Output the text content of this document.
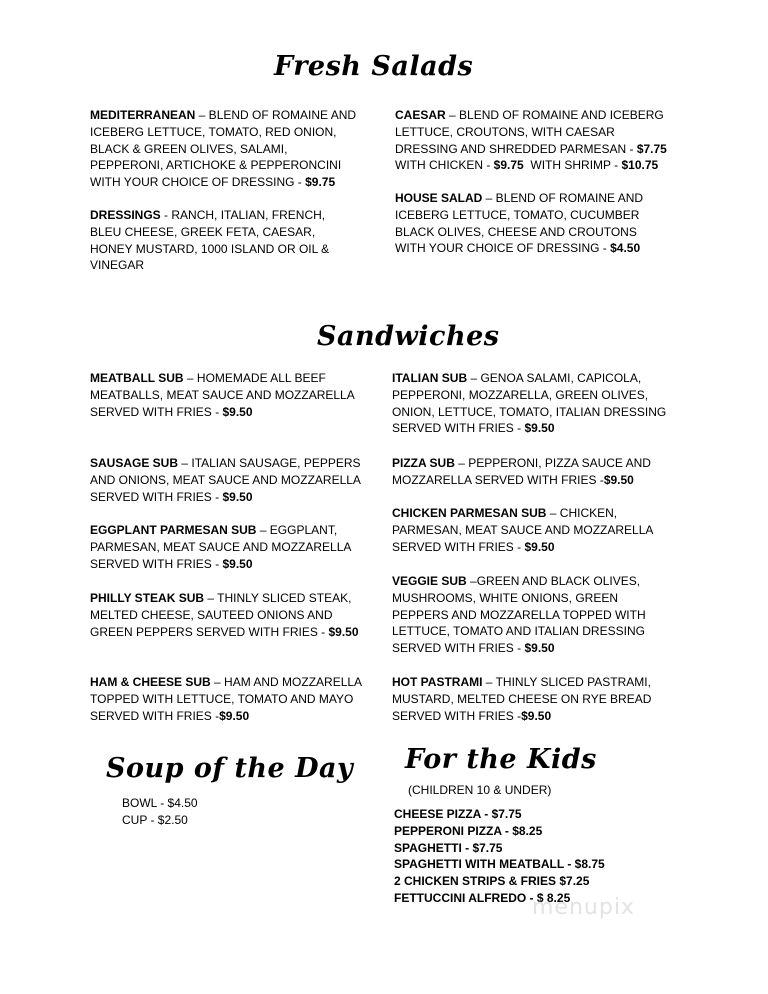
Fresh Salads

MEDITERRANEAN – BLEND OF ROMAINE AND ICEBERG LETTUCE, TOMATO, RED ONION, BLACK & GREEN OLIVES, SALAMI, PEPPERONI, ARTICHOKE & PEPPERONCINI WITH YOUR CHOICE OF DRESSING - $9.75

DRESSINGS - RANCH, ITALIAN, FRENCH, BLEU CHEESE, GREEK FETA, CAESAR, HONEY MUSTARD, 1000 ISLAND OR OIL & VINEGAR

CAESAR – BLEND OF ROMAINE AND ICEBERG LETTUCE, CROUTONS, WITH CAESAR DRESSING AND SHREDDED PARMESAN - $7.75
WITH CHICKEN - $9.75  WITH SHRIMP - $10.75

HOUSE SALAD – BLEND OF ROMAINE AND ICEBERG LETTUCE, TOMATO, CUCUMBER BLACK OLIVES, CHEESE AND CROUTONS WITH YOUR CHOICE OF DRESSING - $4.50

Sandwiches

MEATBALL SUB – HOMEMADE ALL BEEF MEATBALLS, MEAT SAUCE AND MOZZARELLA SERVED WITH FRIES - $9.50

SAUSAGE SUB – ITALIAN SAUSAGE, PEPPERS AND ONIONS, MEAT SAUCE AND MOZZARELLA SERVED WITH FRIES - $9.50

EGGPLANT PARMESAN SUB – EGGPLANT, PARMESAN, MEAT SAUCE AND MOZZARELLA SERVED WITH FRIES - $9.50

PHILLY STEAK SUB – THINLY SLICED STEAK, MELTED CHEESE, SAUTEED ONIONS AND GREEN PEPPERS SERVED WITH FRIES - $9.50

HAM & CHEESE SUB – HAM AND MOZZARELLA TOPPED WITH LETTUCE, TOMATO AND MAYO SERVED WITH FRIES -$9.50

ITALIAN SUB – GENOA SALAMI, CAPICOLA, PEPPERONI, MOZZARELLA, GREEN OLIVES, ONION, LETTUCE, TOMATO, ITALIAN DRESSING SERVED WITH FRIES - $9.50

PIZZA SUB – PEPPERONI, PIZZA SAUCE AND MOZZARELLA SERVED WITH FRIES -$9.50

CHICKEN PARMESAN SUB – CHICKEN, PARMESAN, MEAT SAUCE AND MOZZARELLA SERVED WITH FRIES - $9.50

VEGGIE SUB –GREEN AND BLACK OLIVES, MUSHROOMS, WHITE ONIONS, GREEN PEPPERS AND MOZZARELLA TOPPED WITH LETTUCE, TOMATO AND ITALIAN DRESSING SERVED WITH FRIES - $9.50

HOT PASTRAMI – THINLY SLICED PASTRAMI, MUSTARD, MELTED CHEESE ON RYE BREAD SERVED WITH FRIES -$9.50

Soup of the Day

BOWL - $4.50

CUP - $2.50

For the Kids

(CHILDREN 10 & UNDER)

CHEESE PIZZA - $7.75
PEPPERONI PIZZA - $8.25
SPAGHETTI - $7.75
SPAGHETTI WITH MEATBALL - $8.75
2 CHICKEN STRIPS & FRIES $7.25
FETTUCCINI ALFREDO - $ 8.25
menupix
